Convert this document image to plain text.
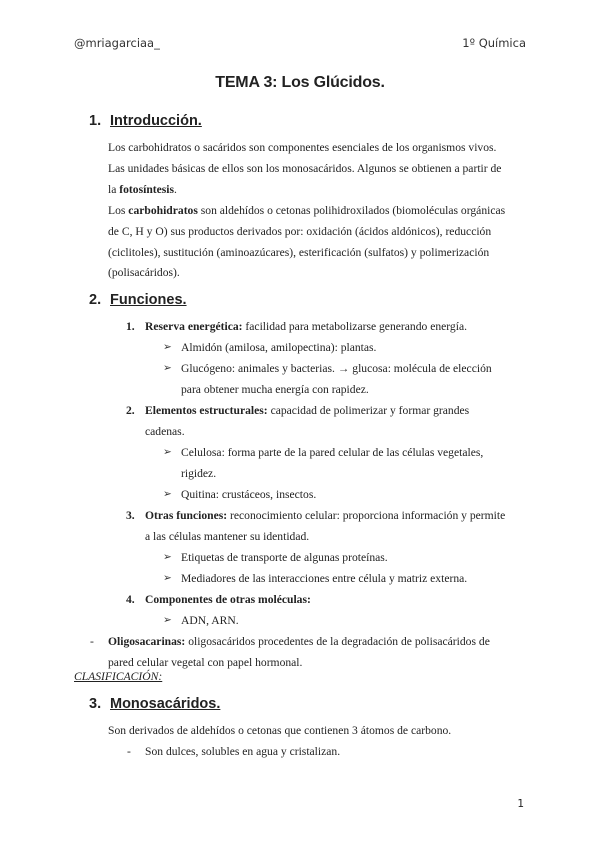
@mriagarciaa_	1º Química
TEMA 3: Los Glúcidos.
1. Introducción.
Los carbohidratos o sacáridos son componentes esenciales de los organismos vivos.
Las unidades básicas de ellos son los monosacáridos. Algunos se obtienen a partir de
la fotosíntesis.
Los carbohidratos son aldehídos o cetonas polihidroxilados (biomoléculas orgánicas
de C, H y O) sus productos derivados por: oxidación (ácidos aldónicos), reducción
(ciclitoles), sustitución (aminoazúcares), esterificación (sulfatos) y polimerización
(polisacáridos).
2. Funciones.
1. Reserva energética: facilidad para metabolizarse generando energía.
➢ Almidón (amilosa, amilopectina): plantas.
➢ Glucógeno: animales y bacterias. → glucosa: molécula de elección
para obtener mucha energía con rapidez.
2. Elementos estructurales: capacidad de polimerizar y formar grandes
cadenas.
➢ Celulosa: forma parte de la pared celular de las células vegetales,
rigidez.
➢ Quitina: crustáceos, insectos.
3. Otras funciones: reconocimiento celular: proporciona información y permite
a las células mantener su identidad.
➢ Etiquetas de transporte de algunas proteínas.
➢ Mediadores de las interacciones entre célula y matriz externa.
4. Componentes de otras moléculas:
➢ ADN, ARN.
- Oligosacarinas: oligosacáridos procedentes de la degradación de polisacáridos de
pared celular vegetal con papel hormonal.
CLASIFICACIÓN:
3. Monosacáridos.
Son derivados de aldehídos o cetonas que contienen 3 átomos de carbono.
- Son dulces, solubles en agua y cristalizan.
1
